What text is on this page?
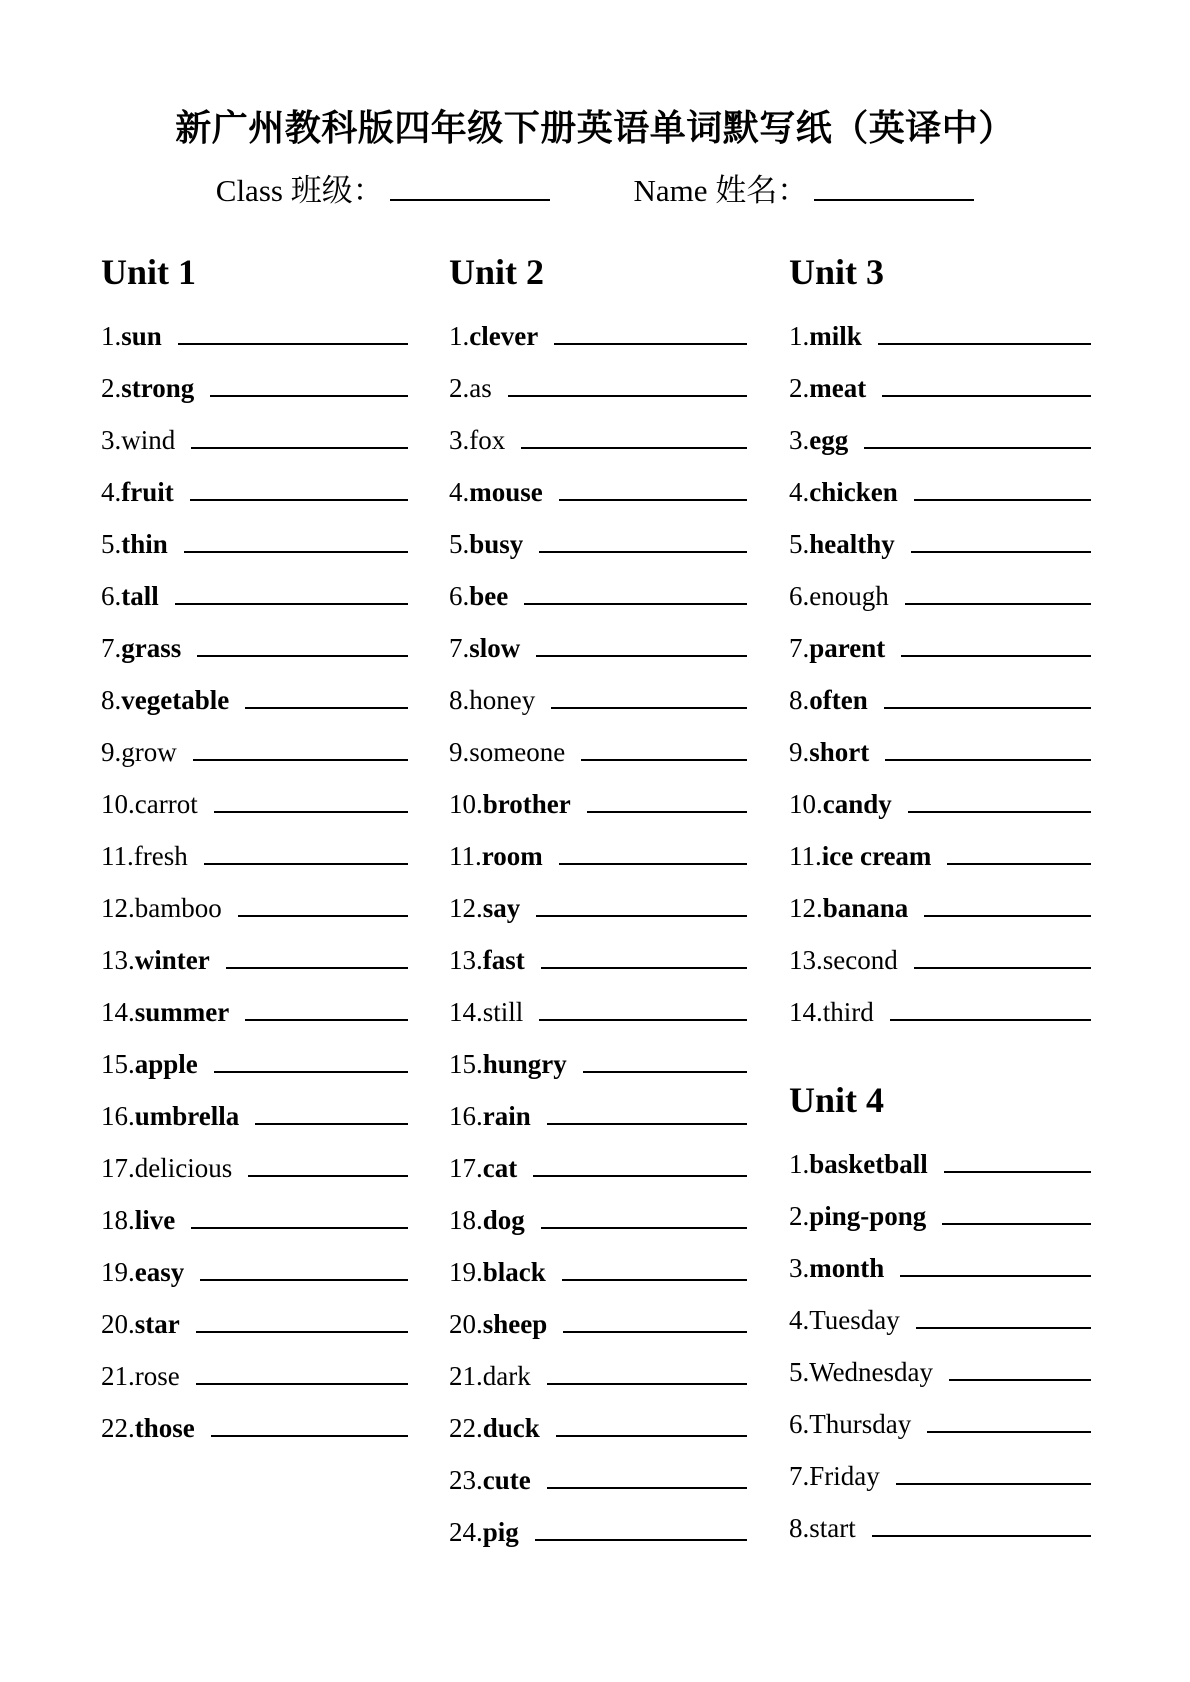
新广州教科版四年级下册英语单词默写纸（英译中）
Class 班级：	Name 姓名：
Unit 1
1. sun
2. strong
3. wind
4. fruit
5. thin
6. tall
7. grass
8. vegetable
9. grow
10. carrot
11. fresh
12. bamboo
13. winter
14. summer
15. apple
16. umbrella
17. delicious
18. live
19. easy
20. star
21. rose
22. those
Unit 2
1. clever
2. as
3. fox
4. mouse
5. busy
6. bee
7. slow
8. honey
9. someone
10. brother
11. room
12. say
13. fast
14. still
15. hungry
16. rain
17. cat
18. dog
19. black
20. sheep
21. dark
22. duck
23. cute
24. pig
Unit 3
1. milk
2. meat
3. egg
4. chicken
5. healthy
6. enough
7. parent
8. often
9. short
10. candy
11. ice cream
12. banana
13. second
14. third
Unit 4
1. basketball
2. ping-pong
3. month
4. Tuesday
5. Wednesday
6. Thursday
7. Friday
8. start
